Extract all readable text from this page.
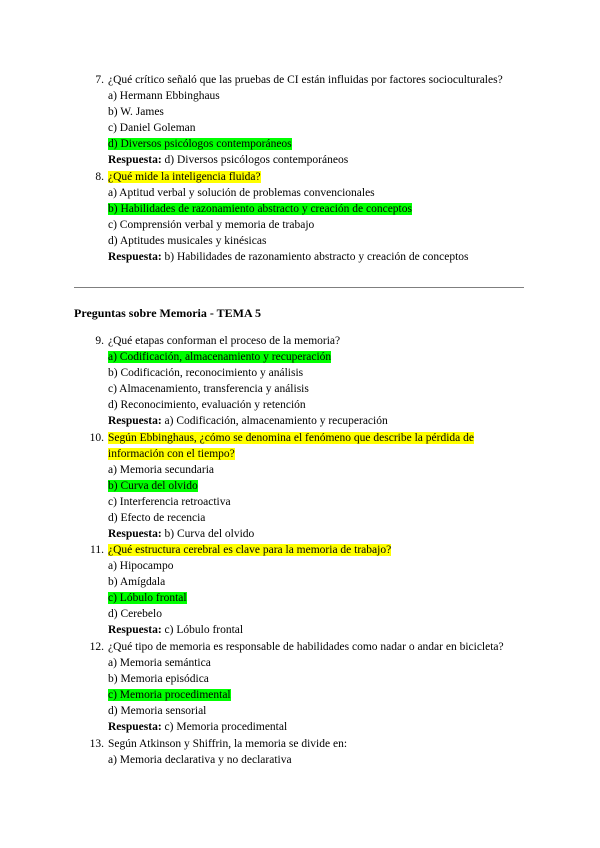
Preguntas sobre Memoria - TEMA 5
7. ¿Qué crítico señaló que las pruebas de CI están influidas por factores socioculturales?
a) Hermann Ebbinghaus
b) W. James
c) Daniel Goleman
d) Diversos psicólogos contemporáneos
Respuesta: d) Diversos psicólogos contemporáneos
8. ¿Qué mide la inteligencia fluida?
a) Aptitud verbal y solución de problemas convencionales
b) Habilidades de razonamiento abstracto y creación de conceptos
c) Comprensión verbal y memoria de trabajo
d) Aptitudes musicales y kinésicas
Respuesta: b) Habilidades de razonamiento abstracto y creación de conceptos
9. ¿Qué etapas conforman el proceso de la memoria?
a) Codificación, almacenamiento y recuperación
b) Codificación, reconocimiento y análisis
c) Almacenamiento, transferencia y análisis
d) Reconocimiento, evaluación y retención
Respuesta: a) Codificación, almacenamiento y recuperación
10. Según Ebbinghaus, ¿cómo se denomina el fenómeno que describe la pérdida de
información con el tiempo?
a) Memoria secundaria
b) Curva del olvido
c) Interferencia retroactiva
d) Efecto de recencia
Respuesta: b) Curva del olvido
11. ¿Qué estructura cerebral es clave para la memoria de trabajo?
a) Hipocampo
b) Amígdala
c) Lóbulo frontal
d) Cerebelo
Respuesta: c) Lóbulo frontal
12. ¿Qué tipo de memoria es responsable de habilidades como nadar o andar en bicicleta?
a) Memoria semántica
b) Memoria episódica
c) Memoria procedimental
d) Memoria sensorial
Respuesta: c) Memoria procedimental
13. Según Atkinson y Shiffrin, la memoria se divide en:
a) Memoria declarativa y no declarativa
